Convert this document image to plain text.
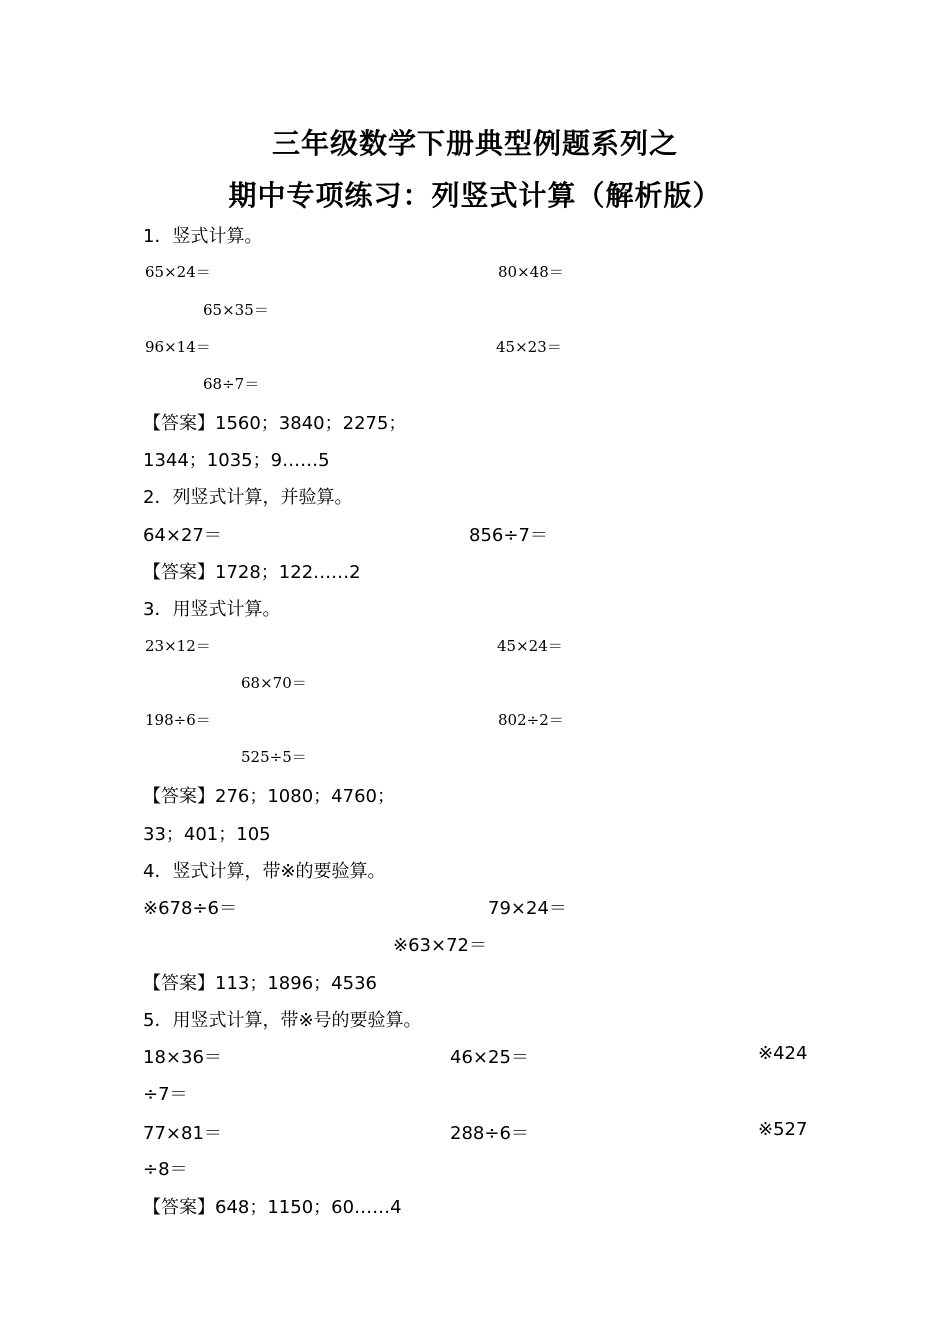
三年级数学下册典型例题系列之
期中专项练习：列竖式计算（解析版）
1．竖式计算。
65×24＝	80×48＝
65×35＝
96×14＝	45×23＝
68÷7＝
【答案】1560；3840；2275；
1344；1035；9……5
2．列竖式计算，并验算。
64×27＝	856÷7＝
【答案】1728；122……2
3．用竖式计算。
23×12＝	45×24＝
68×70＝
198÷6＝	802÷2＝
525÷5＝
【答案】276；1080；4760；
33；401；105
4．竖式计算，带※的要验算。
※678÷6＝	79×24＝
※63×72＝
【答案】113；1896；4536
5．用竖式计算，带※号的要验算。
18×36＝	46×25＝	※424
÷7＝
77×81＝	288÷6＝	※527
÷8＝
【答案】648；1150；60……4
